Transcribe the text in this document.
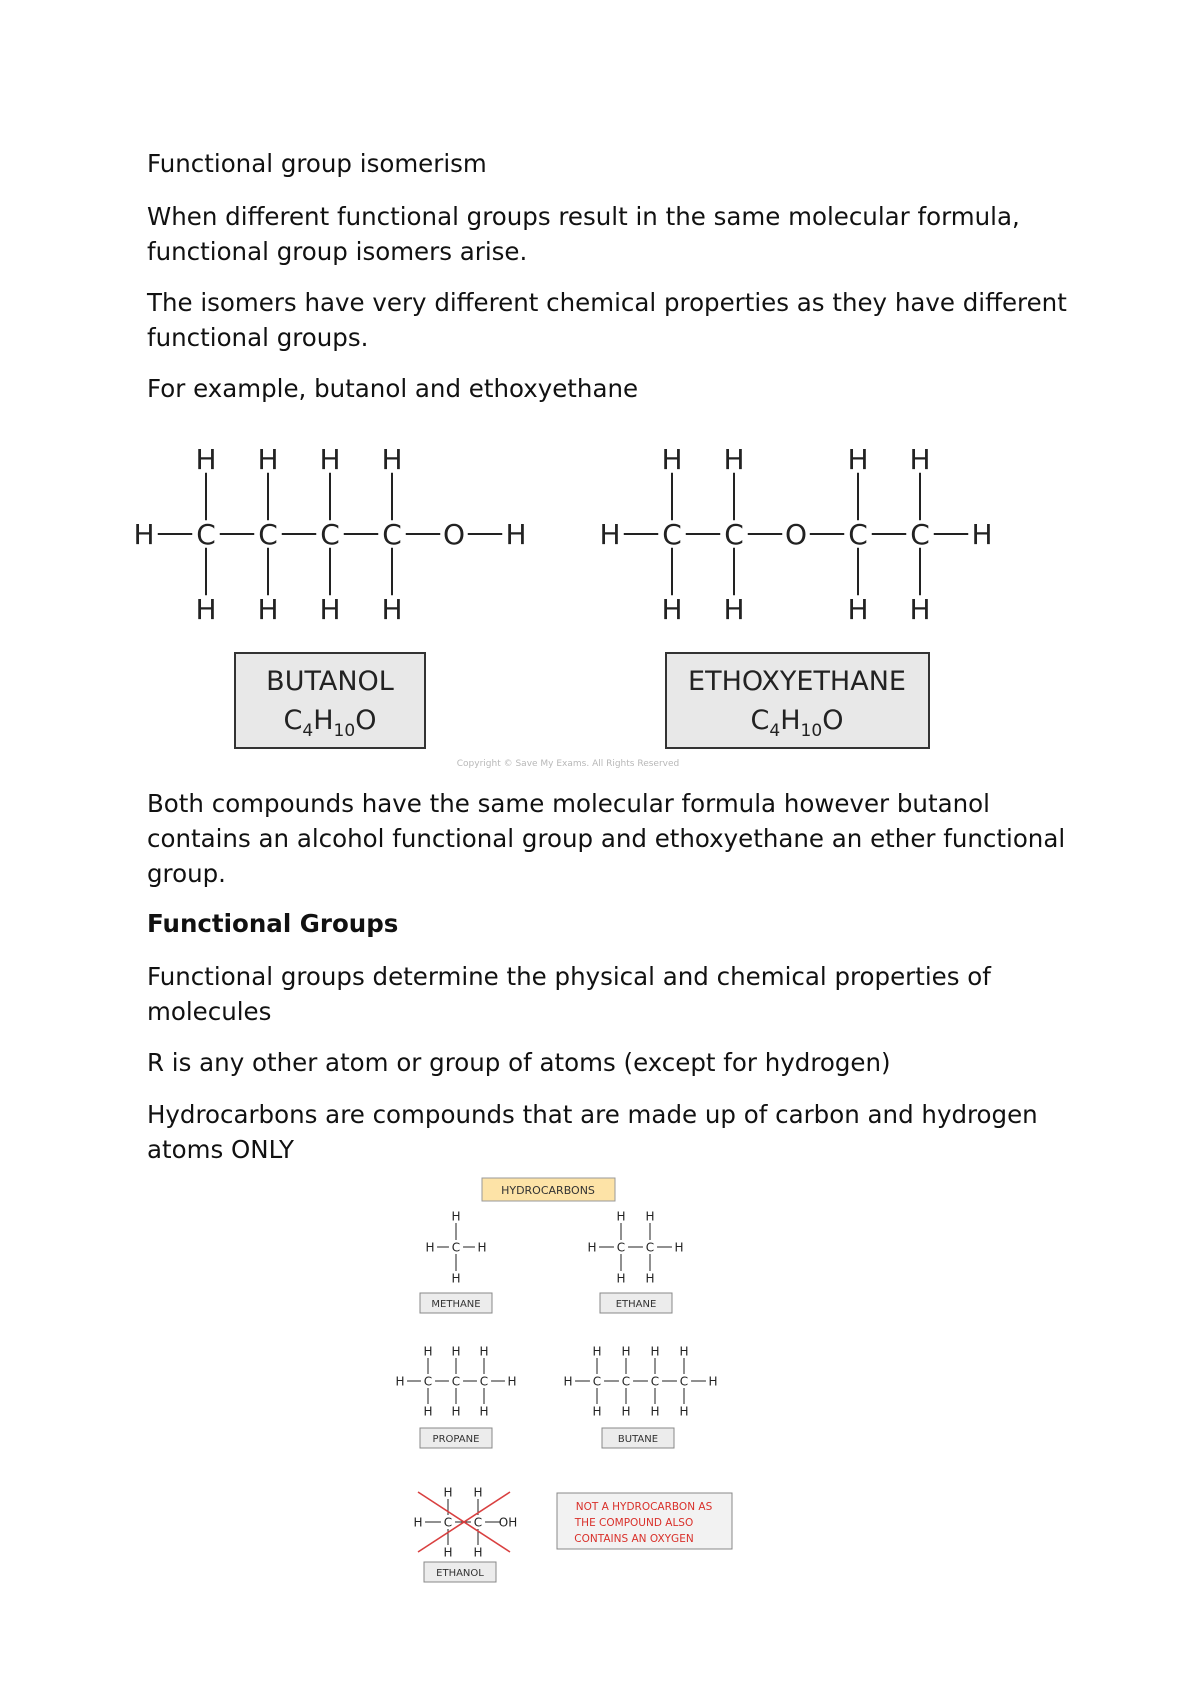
Functional group isomerism

When different functional groups result in the same molecular formula, functional group isomers arise.

The isomers have very different chemical properties as they have different functional groups.

For example, butanol and ethoxyethane

H C
H
H
C
H
H
C
H
H
C
H
H
O H	H C
H
H
C
H
H
O C
H
H
C
H
H
H
BUTANOL
$C_4H_{10}O$
ETHOXYETHANE
$C_4H_{10}O$
Copyright © Save My Exams. All Rights Reserved

Both compounds have the same molecular formula however butanol contains an alcohol functional group and ethoxyethane an ether functional group.

Functional Groups

Functional groups determine the physical and chemical properties of molecules

R is any other atom or group of atoms (except for hydrogen)

Hydrocarbons are compounds that are made up of carbon and hydrogen atoms ONLY

HYDROCARBONS
H C
H
H
H	H C
H
H
C
H
H
H
H C
H
H
C
H
H
C
H
H
H	H C
H
H
C
H
H
C
H
H
C
H
H
H
H C
H
H
C
H
H
OH
METHANE	ETHANE
PROPANE	BUTANE
ETHANOL
NOT A HYDROCARBON AS
THE COMPOUND ALSO
CONTAINS AN OXYGEN
